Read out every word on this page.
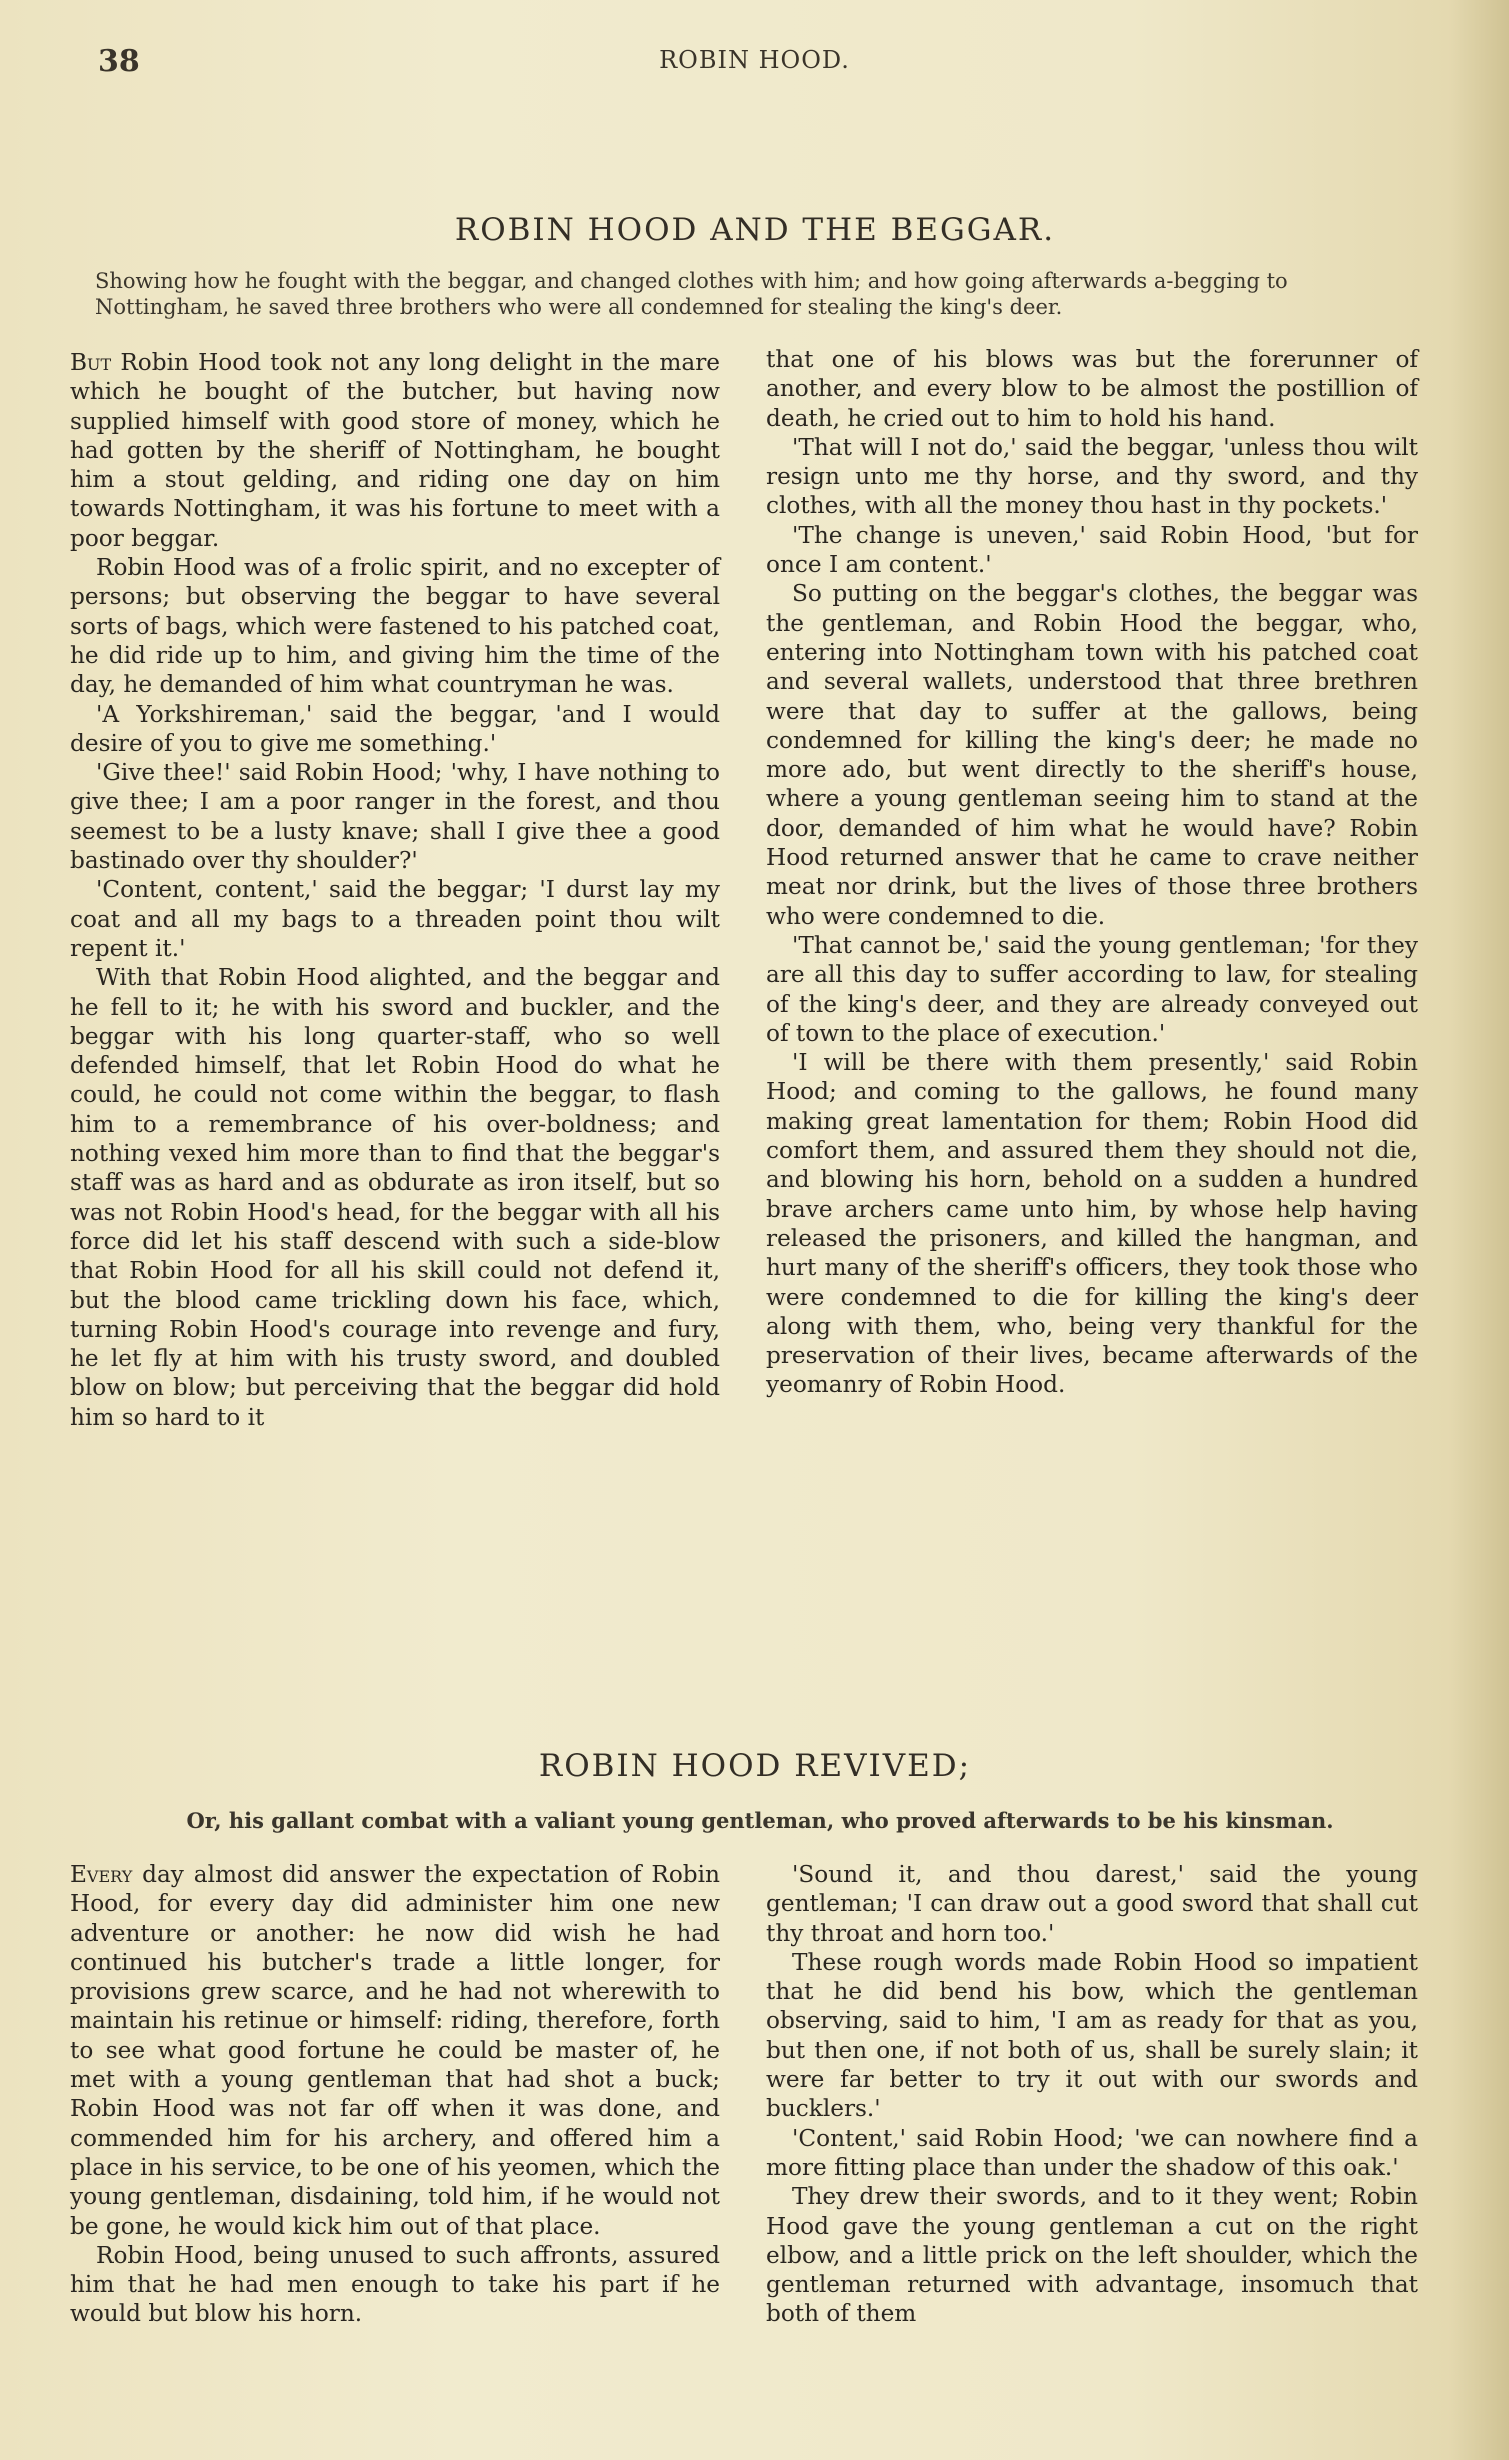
38	ROBIN HOOD.
ROBIN HOOD AND THE BEGGAR.
Showing how he fought with the beggar, and changed clothes with him; and how going afterwards a-begging to Nottingham, he saved three brothers who were all condemned for stealing the king's deer.

But Robin Hood took not any long delight in the mare which he bought of the butcher, but having now supplied himself with good store of money, which he had gotten by the sheriff of Nottingham, he bought him a stout gelding, and riding one day on him towards Nottingham, it was his fortune to meet with a poor beggar.

Robin Hood was of a frolic spirit, and no excepter of persons; but observing the beggar to have several sorts of bags, which were fastened to his patched coat, he did ride up to him, and giving him the time of the day, he demanded of him what countryman he was.

'A Yorkshireman,' said the beggar, 'and I would desire of you to give me something.'

'Give thee!' said Robin Hood; 'why, I have nothing to give thee; I am a poor ranger in the forest, and thou seemest to be a lusty knave; shall I give thee a good bastinado over thy shoulder?'

'Content, content,' said the beggar; 'I durst lay my coat and all my bags to a threaden point thou wilt repent it.'

With that Robin Hood alighted, and the beggar and he fell to it; he with his sword and buckler, and the beggar with his long quarter-staff, who so well defended himself, that let Robin Hood do what he could, he could not come within the beggar, to flash him to a remembrance of his over-boldness; and nothing vexed him more than to find that the beggar's staff was as hard and as obdurate as iron itself, but so was not Robin Hood's head, for the beggar with all his force did let his staff descend with such a side-blow that Robin Hood for all his skill could not defend it, but the blood came trickling down his face, which, turning Robin Hood's courage into revenge and fury, he let fly at him with his trusty sword, and doubled blow on blow; but perceiving that the beggar did hold him so hard to it

that one of his blows was but the forerunner of another, and every blow to be almost the postillion of death, he cried out to him to hold his hand.

'That will I not do,' said the beggar, 'unless thou wilt resign unto me thy horse, and thy sword, and thy clothes, with all the money thou hast in thy pockets.'

'The change is uneven,' said Robin Hood, 'but for once I am content.'

So putting on the beggar's clothes, the beggar was the gentleman, and Robin Hood the beggar, who, entering into Nottingham town with his patched coat and several wallets, understood that three brethren were that day to suffer at the gallows, being condemned for killing the king's deer; he made no more ado, but went directly to the sheriff's house, where a young gentleman seeing him to stand at the door, demanded of him what he would have? Robin Hood returned answer that he came to crave neither meat nor drink, but the lives of those three brothers who were condemned to die.

'That cannot be,' said the young gentleman; 'for they are all this day to suffer according to law, for stealing of the king's deer, and they are already conveyed out of town to the place of execution.'

'I will be there with them presently,' said Robin Hood; and coming to the gallows, he found many making great lamentation for them; Robin Hood did comfort them, and assured them they should not die, and blowing his horn, behold on a sudden a hundred brave archers came unto him, by whose help having released the prisoners, and killed the hangman, and hurt many of the sheriff's officers, they took those who were condemned to die for killing the king's deer along with them, who, being very thankful for the preservation of their lives, became afterwards of the yeomanry of Robin Hood.

ROBIN HOOD REVIVED;
Or, his gallant combat with a valiant young gentleman, who proved afterwards to be his kinsman.

Every day almost did answer the expectation of Robin Hood, for every day did administer him one new adventure or another: he now did wish he had continued his butcher's trade a little longer, for provisions grew scarce, and he had not wherewith to maintain his retinue or himself: riding, therefore, forth to see what good fortune he could be master of, he met with a young gentleman that had shot a buck; Robin Hood was not far off when it was done, and commended him for his archery, and offered him a place in his service, to be one of his yeomen, which the young gentleman, disdaining, told him, if he would not be gone, he would kick him out of that place.

Robin Hood, being unused to such affronts, assured him that he had men enough to take his part if he would but blow his horn.

'Sound it, and thou darest,' said the young gentleman; 'I can draw out a good sword that shall cut thy throat and horn too.'

These rough words made Robin Hood so impatient that he did bend his bow, which the gentleman observing, said to him, 'I am as ready for that as you, but then one, if not both of us, shall be surely slain; it were far better to try it out with our swords and bucklers.'

'Content,' said Robin Hood; 'we can nowhere find a more fitting place than under the shadow of this oak.'

They drew their swords, and to it they went; Robin Hood gave the young gentleman a cut on the right elbow, and a little prick on the left shoulder, which the gentleman returned with advantage, insomuch that both of them
